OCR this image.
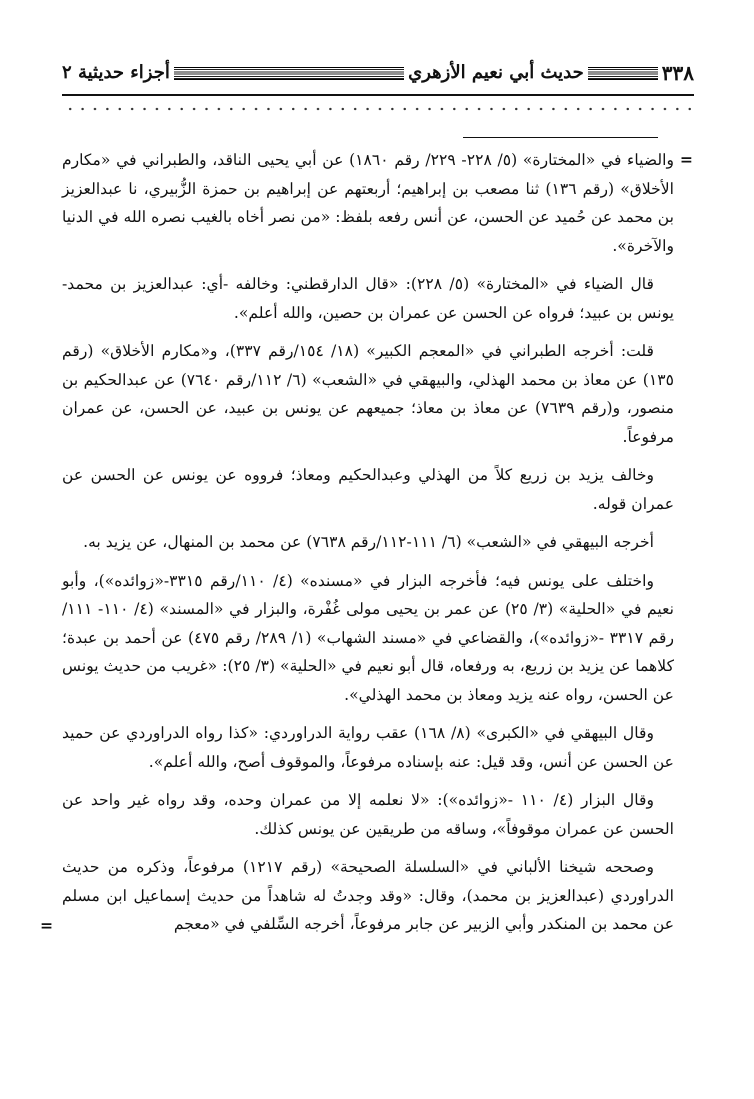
٣٣٨
حديث أبي نعيم الأزهري
أجزاء حديثية ٢

=
والضياء في «المختارة» (٥/ ٢٢٨- ٢٢٩/ رقم ١٨٦٠) عن أبي يحيى الناقد، والطبراني في «مكارم الأخلاق» (رقم ١٣٦) ثنا مصعب بن إبراهيم؛ أربعتهم عن إبراهيم بن حمزة الزُّبيري، نا عبدالعزيز بن محمد عن حُميد عن الحسن، عن أنس رفعه بلفظ: «من نصر أخاه بالغيب نصره الله في الدنيا والآخرة».

قال الضياء في «المختارة» (٥/ ٢٢٨): «قال الدارقطني: وخالفه -أي: عبدالعزيز بن محمد- يونس بن عبيد؛ فرواه عن الحسن عن عمران بن حصين، والله أعلم».

قلت: أخرجه الطبراني في «المعجم الكبير» (١٨/ ١٥٤/رقم ٣٣٧)، و«مكارم الأخلاق» (رقم ١٣٥) عن معاذ بن محمد الهذلي، والبيهقي في «الشعب» (٦/ ١١٢/رقم ٧٦٤٠) عن عبدالحكيم بن منصور، و(رقم ٧٦٣٩) عن معاذ بن معاذ؛ جميعهم عن يونس بن عبيد، عن الحسن، عن عمران مرفوعاً.

وخالف يزيد بن زريع كلاً من الهذلي وعبدالحكيم ومعاذ؛ فرووه عن يونس عن الحسن عن عمران قوله.

أخرجه البيهقي في «الشعب» (٦/ ١١١-١١٢/رقم ٧٦٣٨) عن محمد بن المنهال، عن يزيد به.

واختلف على يونس فيه؛ فأخرجه البزار في «مسنده» (٤/ ١١٠/رقم ٣٣١٥-«زوائده»)، وأبو نعيم في «الحلية» (٣/ ٢٥) عن عمر بن يحيى مولى غُفْرة، والبزار في «المسند» (٤/ ١١٠- ١١١/رقم ٣٣١٧ -«زوائده»)، والقضاعي في «مسند الشهاب» (١/ ٢٨٩/ رقم ٤٧٥) عن أحمد بن عبدة؛ كلاهما عن يزيد بن زريع، به ورفعاه، قال أبو نعيم في «الحلية» (٣/ ٢٥): «غريب من حديث يونس عن الحسن، رواه عنه يزيد ومعاذ بن محمد الهذلي».

وقال البيهقي في «الكبرى» (٨/ ١٦٨) عقب رواية الدراوردي: «كذا رواه الدراوردي عن حميد عن الحسن عن أنس، وقد قيل: عنه بإسناده مرفوعاً، والموقوف أصح، والله أعلم».

وقال البزار (٤/ ١١٠ -«زوائده»): «لا نعلمه إلا من عمران وحده، وقد رواه غير واحد عن الحسن عن عمران موقوفاً»، وساقه من طريقين عن يونس كذلك.

وصححه شيخنا الألباني في «السلسلة الصحيحة» (رقم ١٢١٧) مرفوعاً، وذكره من حديث الدراوردي (عبدالعزيز بن محمد)، وقال: «وقد وجدتُ له شاهداً من حديث إسماعيل ابن مسلم عن محمد بن المنكدر وأبي الزبير عن جابر مرفوعاً، أخرجه السِّلفي في «معجم
=
